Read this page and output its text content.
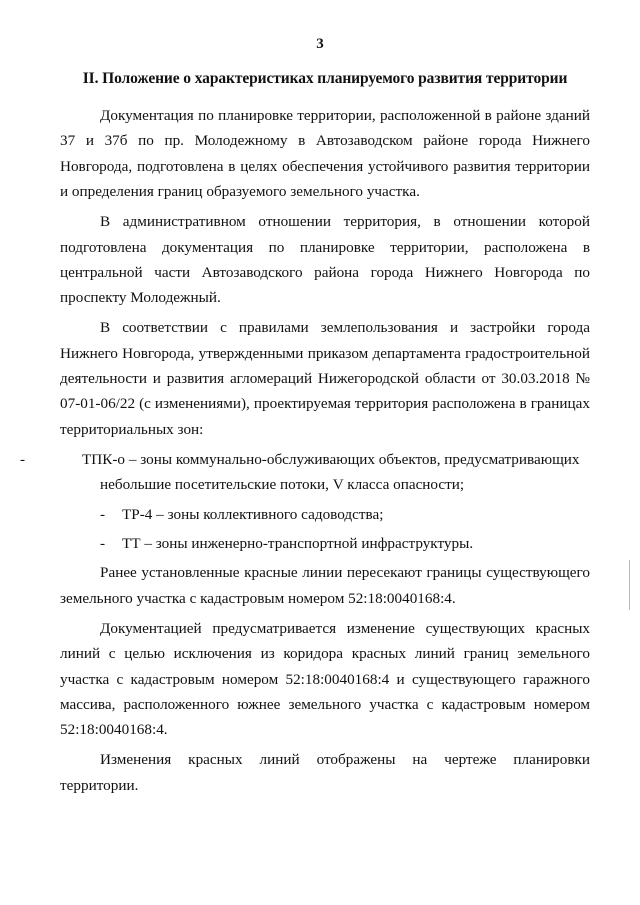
3
II. Положение о характеристиках планируемого развития территории

Документация по планировке территории, расположенной в районе зданий 37 и 37б по пр. Молодежному в Автозаводском районе города Нижнего Новгорода, подготовлена в целях обеспечения устойчивого развития территории и определения границ образуемого земельного участка.

В административном отношении территория, в отношении которой подготовлена документация по планировке территории, расположена в центральной части Автозаводского района города Нижнего Новгорода по проспекту Молодежный.

В соответствии с правилами землепользования и застройки города Нижнего Новгорода, утвержденными приказом департамента градостроительной деятельности и развития агломераций Нижегородской области от 30.03.2018 № 07-01-06/22 (с изменениями), проектируемая территория расположена в границах территориальных зон:

-	ТПК-о – зоны коммунально-обслуживающих объектов, предусматривающих небольшие посетительские потоки, V класса опасности;

- ТР-4 – зоны коллективного садоводства;

- ТТ – зоны инженерно-транспортной инфраструктуры.

Ранее установленные красные линии пересекают границы существующего земельного участка с кадастровым номером 52:18:0040168:4.

Документацией предусматривается изменение существующих красных линий с целью исключения из коридора красных линий границ земельного участка с кадастровым номером 52:18:0040168:4 и существующего гаражного массива, расположенного южнее земельного участка с кадастровым номером 52:18:0040168:4.

Изменения красных линий отображены на чертеже планировки территории.
